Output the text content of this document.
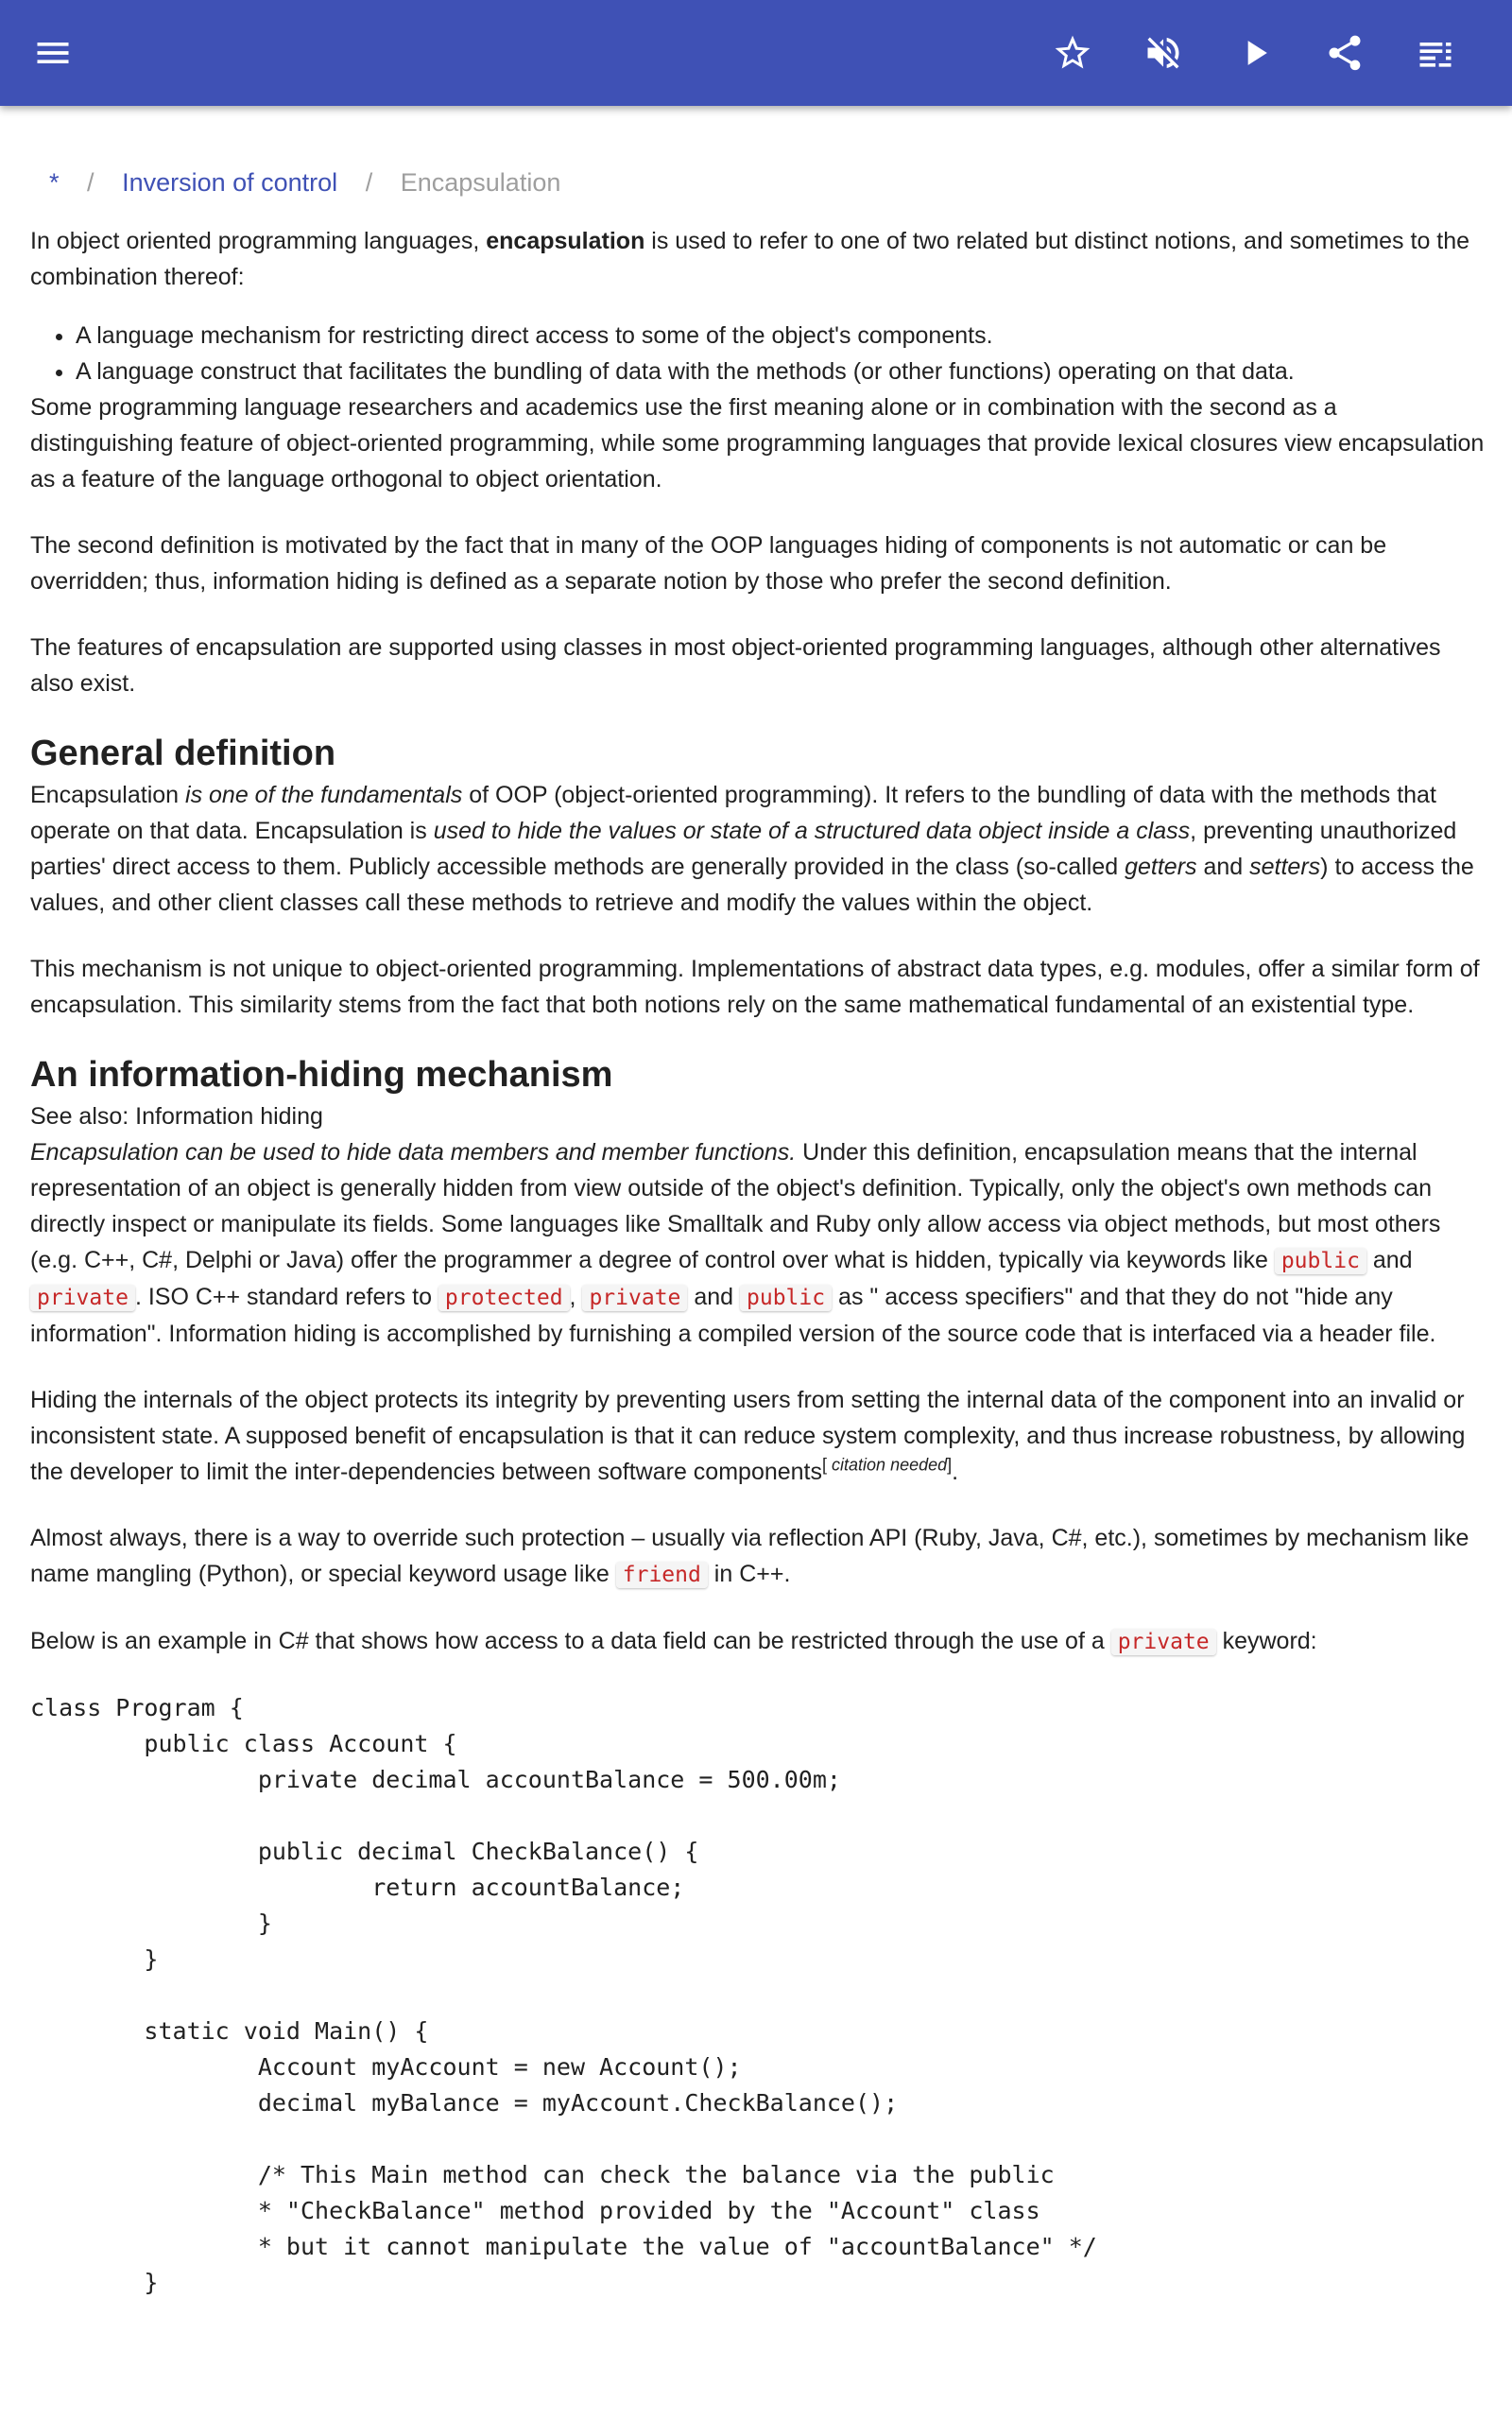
* / Inversion of control / Encapsulation

In object oriented programming languages, encapsulation is used to refer to one of two related but distinct notions, and sometimes to the combination thereof:

• A language mechanism for restricting direct access to some of the object's components.
• A language construct that facilitates the bundling of data with the methods (or other functions) operating on that data.

Some programming language researchers and academics use the first meaning alone or in combination with the second as a distinguishing feature of object-oriented programming, while some programming languages that provide lexical closures view encapsulation as a feature of the language orthogonal to object orientation.

The second definition is motivated by the fact that in many of the OOP languages hiding of components is not automatic or can be overridden; thus, information hiding is defined as a separate notion by those who prefer the second definition.

The features of encapsulation are supported using classes in most object-oriented programming languages, although other alternatives also exist.

General definition

Encapsulation is one of the fundamentals of OOP (object-oriented programming). It refers to the bundling of data with the methods that operate on that data. Encapsulation is used to hide the values or state of a structured data object inside a class, preventing unauthorized parties' direct access to them. Publicly accessible methods are generally provided in the class (so-called getters and setters) to access the values, and other client classes call these methods to retrieve and modify the values within the object.

This mechanism is not unique to object-oriented programming. Implementations of abstract data types, e.g. modules, offer a similar form of encapsulation. This similarity stems from the fact that both notions rely on the same mathematical fundamental of an existential type.

An information-hiding mechanism
See also: Information hiding

Encapsulation can be used to hide data members and member functions. Under this definition, encapsulation means that the internal representation of an object is generally hidden from view outside of the object's definition. Typically, only the object's own methods can directly inspect or manipulate its fields. Some languages like Smalltalk and Ruby only allow access via object methods, but most others (e.g. C++, C#, Delphi or Java) offer the programmer a degree of control over what is hidden, typically via keywords like public and private . ISO C++ standard refers to protected , private and public as " access specifiers" and that they do not "hide any information". Information hiding is accomplished by furnishing a compiled version of the source code that is interfaced via a header file.

Hiding the internals of the object protects its integrity by preventing users from setting the internal data of the component into an invalid or inconsistent state. A supposed benefit of encapsulation is that it can reduce system complexity, and thus increase robustness, by allowing the developer to limit the inter-dependencies between software components[ citation needed].

Almost always, there is a way to override such protection – usually via reflection API (Ruby, Java, C#, etc.), sometimes by mechanism like name mangling (Python), or special keyword usage like friend in C++.

Below is an example in C# that shows how access to a data field can be restricted through the use of a private keyword:

class Program {
public class Account {
private decimal accountBalance = 500.00m;

public decimal CheckBalance() {
return accountBalance;
}
}

static void Main() {
Account myAccount = new Account();
decimal myBalance = myAccount.CheckBalance();

/* This Main method can check the balance via the public
* "CheckBalance" method provided by the "Account" class
* but it cannot manipulate the value of "accountBalance" */
}
